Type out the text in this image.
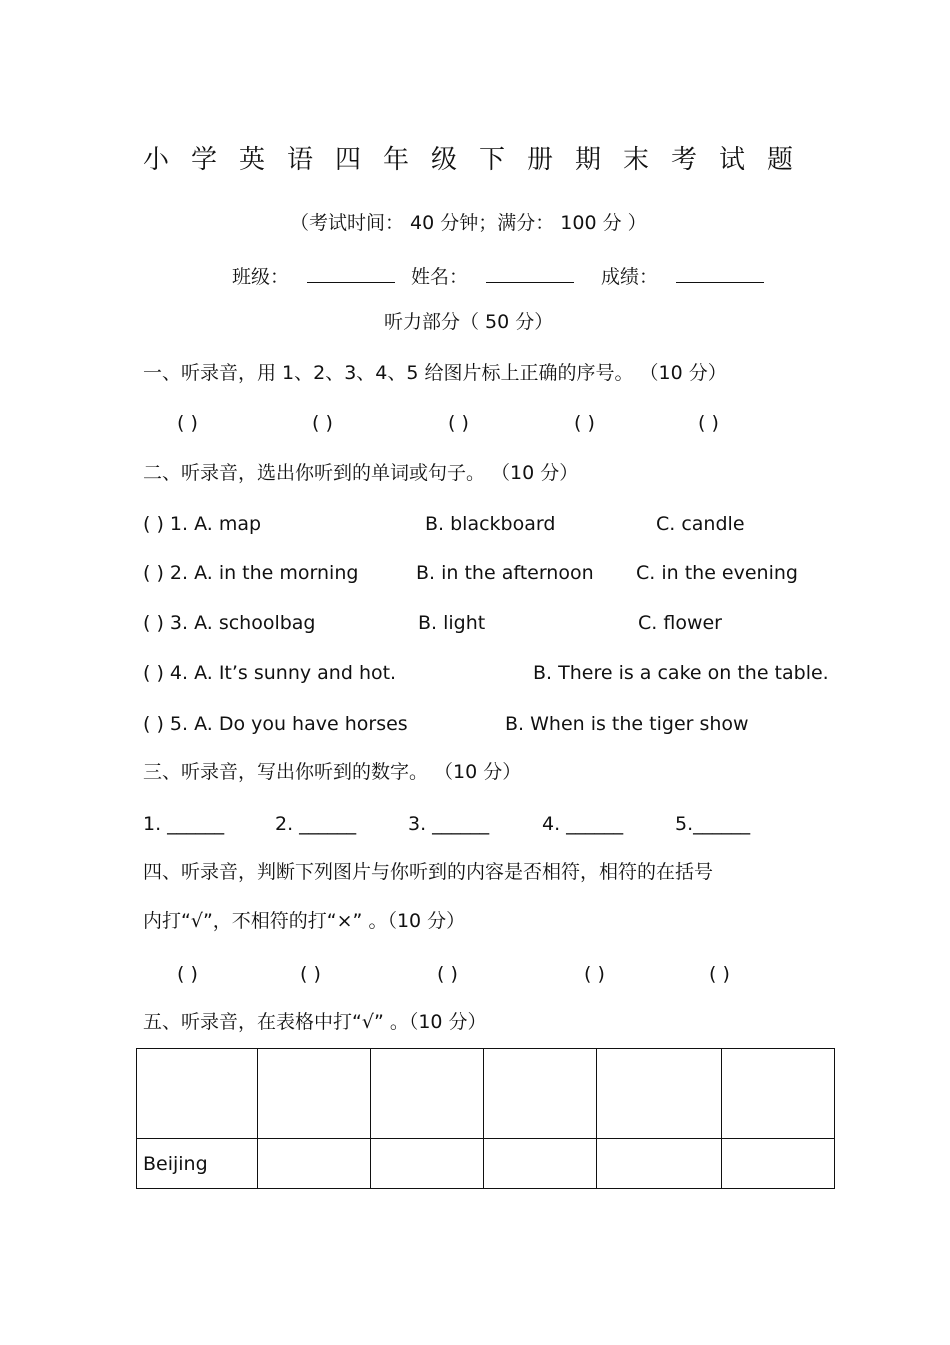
小学英语四年级下册期末考试题
（考试时间： 40 分钟；满分： 100 分 ）
班级：	姓名：	成绩：
听力部分（ 50 分）
一、听录音，用 1、2、3、4、5 给图片标上正确的序号。 （10 分）
( )	( )	( )	( )	( )
二、听录音，选出你听到的单词或句子。 （10 分）
( ) 1. A. map	B. blackboard	C. candle
( ) 2. A. in the morning	B. in the afternoon C. in the evening
( ) 3. A. schoolbag	B. light	C. flower
( ) 4. A. It’s sunny and hot.	B. There is a cake on the table.
( ) 5. A. Do you have horses	B. When is the tiger show
三、听录音，写出你听到的数字。 （10 分）
1. ______	2. ______	3. ______	4. ______	5.______
四、听录音，判断下列图片与你听到的内容是否相符，相符的在括号
内打“√”，不相符的打“×” 。（10 分）
( )	( )	( )	( )	( )
五、听录音，在表格中打“√” 。（10 分）

Beijing					
